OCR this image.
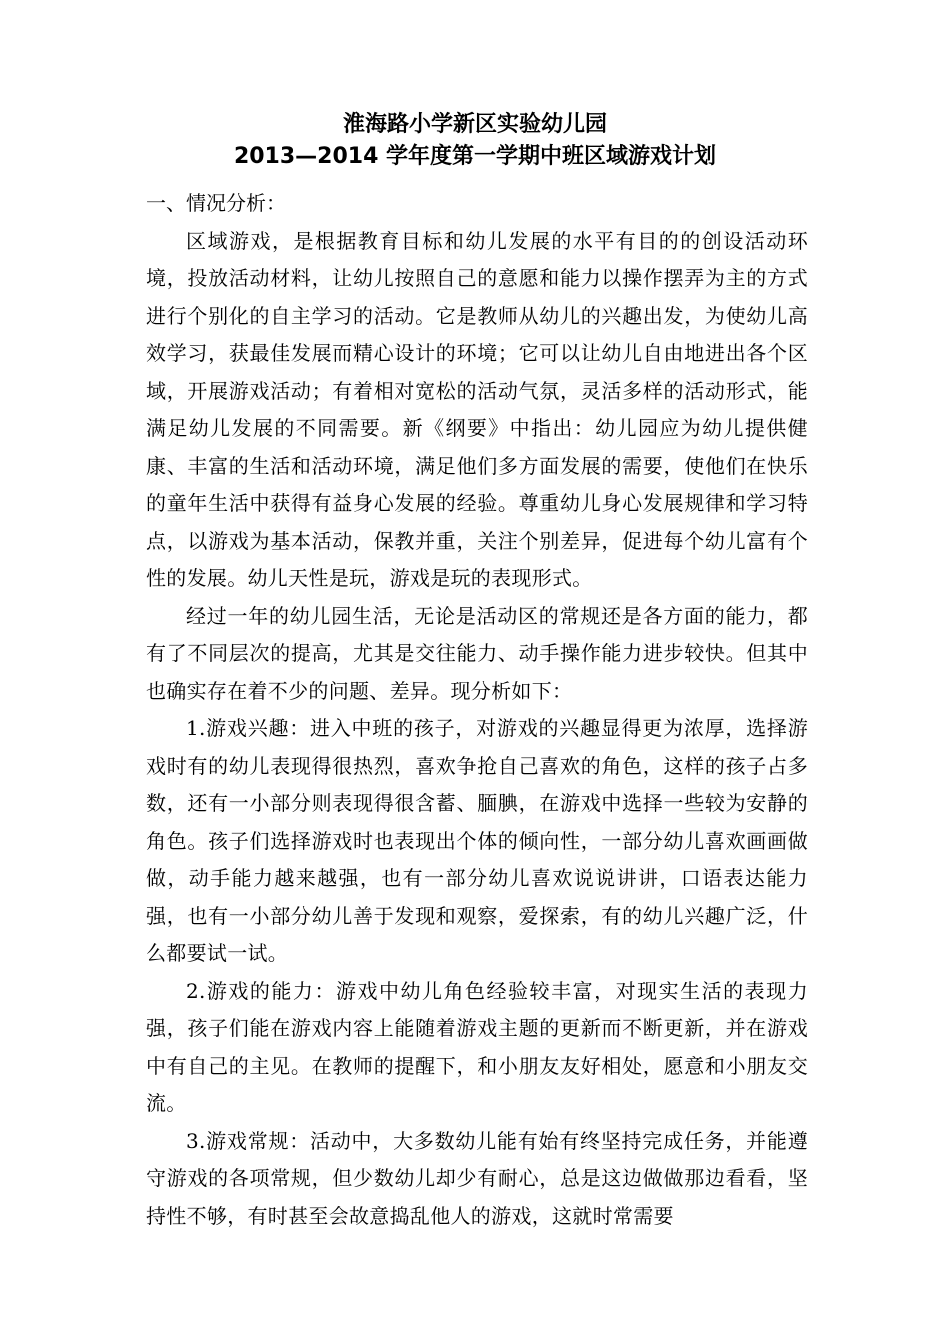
淮海路小学新区实验幼儿园
2013—2014 学年度第一学期中班区域游戏计划

一、情况分析：

区域游戏，是根据教育目标和幼儿发展的水平有目的的创设活动环境，投放活动材料，让幼儿按照自己的意愿和能力以操作摆弄为主的方式进行个别化的自主学习的活动。它是教师从幼儿的兴趣出发，为使幼儿高效学习，获最佳发展而精心设计的环境；它可以让幼儿自由地进出各个区域，开展游戏活动；有着相对宽松的活动气氛，灵活多样的活动形式，能满足幼儿发展的不同需要。新《纲要》中指出：幼儿园应为幼儿提供健康、丰富的生活和活动环境，满足他们多方面发展的需要，使他们在快乐的童年生活中获得有益身心发展的经验。尊重幼儿身心发展规律和学习特点，以游戏为基本活动，保教并重，关注个别差异，促进每个幼儿富有个性的发展。幼儿天性是玩，游戏是玩的表现形式。

经过一年的幼儿园生活，无论是活动区的常规还是各方面的能力，都有了不同层次的提高，尤其是交往能力、动手操作能力进步较快。但其中也确实存在着不少的问题、差异。现分析如下：

1.游戏兴趣：进入中班的孩子，对游戏的兴趣显得更为浓厚，选择游戏时有的幼儿表现得很热烈，喜欢争抢自己喜欢的角色，这样的孩子占多数，还有一小部分则表现得很含蓄、腼腆，在游戏中选择一些较为安静的角色。孩子们选择游戏时也表现出个体的倾向性，一部分幼儿喜欢画画做做，动手能力越来越强，也有一部分幼儿喜欢说说讲讲，口语表达能力强，也有一小部分幼儿善于发现和观察，爱探索，有的幼儿兴趣广泛，什么都要试一试。

2.游戏的能力：游戏中幼儿角色经验较丰富，对现实生活的表现力强，孩子们能在游戏内容上能随着游戏主题的更新而不断更新，并在游戏中有自己的主见。在教师的提醒下，和小朋友友好相处，愿意和小朋友交流。

3.游戏常规：活动中，大多数幼儿能有始有终坚持完成任务，并能遵守游戏的各项常规，但少数幼儿却少有耐心，总是这边做做那边看看，坚持性不够，有时甚至会故意捣乱他人的游戏，这就时常需要
